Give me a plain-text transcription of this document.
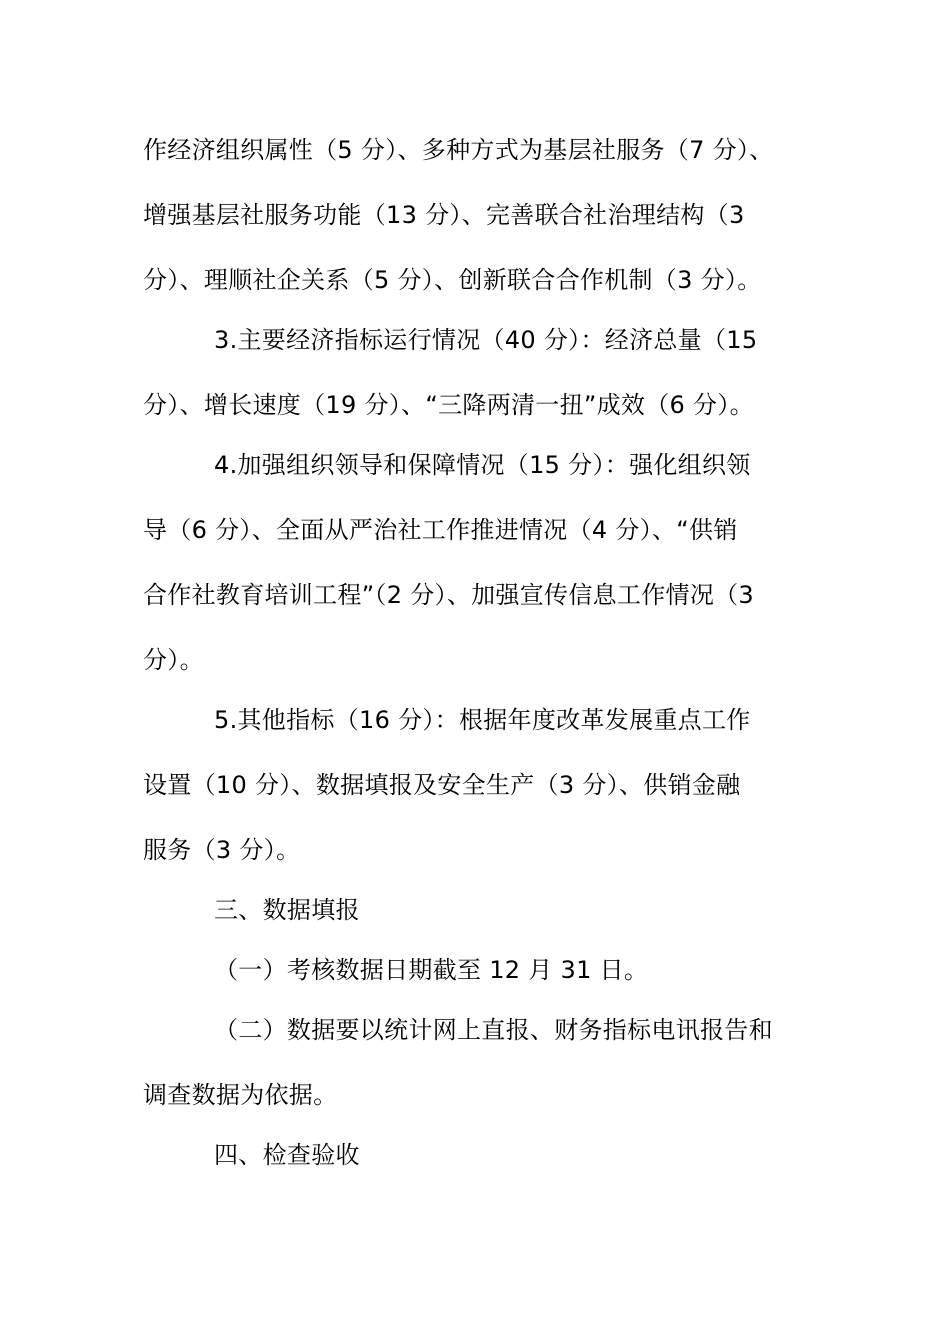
作经济组织属性（5 分）、多种方式为基层社服务（7 分）、
增强基层社服务功能（13 分）、完善联合社治理结构（3
分）、理顺社企关系（5 分）、创新联合合作机制（3 分）。
3.主要经济指标运行情况（40 分）：经济总量（15
分）、增长速度（19 分）、“三降两清一扭”成效（6 分）。
4.加强组织领导和保障情况（15 分）：强化组织领
导（6 分）、全面从严治社工作推进情况（4 分）、“供销
合作社教育培训工程”（2 分）、加强宣传信息工作情况（3
分）。
5.其他指标（16 分）：根据年度改革发展重点工作
设置（10 分）、数据填报及安全生产（3 分）、供销金融
服务（3 分）。
三、数据填报
（一）考核数据日期截至 12 月 31 日。
（二）数据要以统计网上直报、财务指标电讯报告和
调查数据为依据。
四、检查验收
